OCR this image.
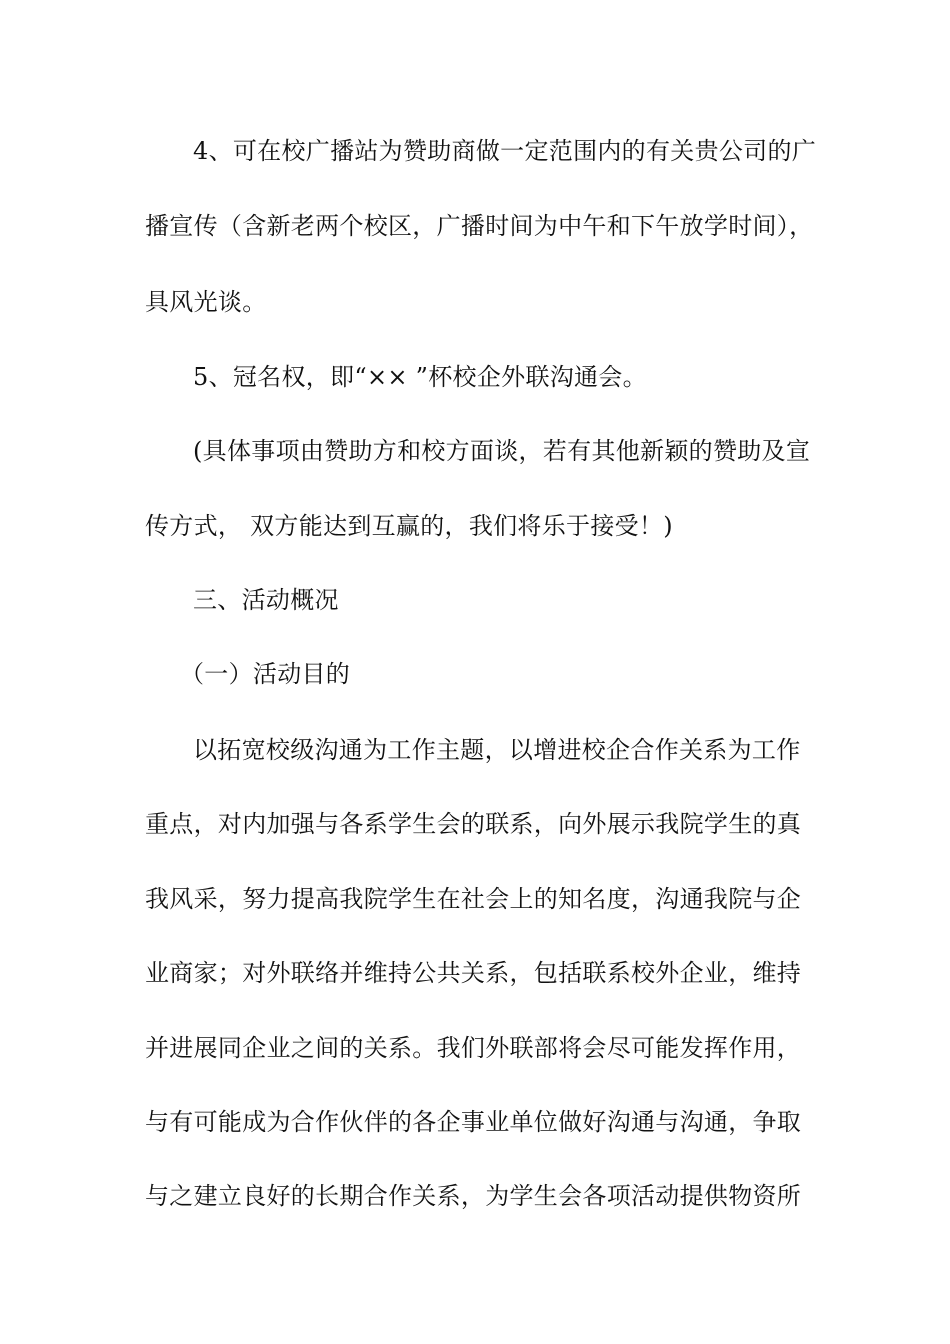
4、可在校广播站为赞助商做一定范围内的有关贵公司的广
播宣传（含新老两个校区，广播时间为中午和下午放学时间），
具风光谈。
5、冠名权，即“×× ”杯校企外联沟通会。
(具体事项由赞助方和校方面谈，若有其他新颖的赞助及宣
传方式， 双方能达到互赢的，我们将乐于接受！)
三、活动概况
（一）活动目的
以拓宽校级沟通为工作主题，以增进校企合作关系为工作
重点，对内加强与各系学生会的联系，向外展示我院学生的真
我风采，努力提高我院学生在社会上的知名度，沟通我院与企
业商家；对外联络并维持公共关系，包括联系校外企业，维持
并进展同企业之间的关系。我们外联部将会尽可能发挥作用，
与有可能成为合作伙伴的各企事业单位做好沟通与沟通，争取
与之建立良好的长期合作关系，为学生会各项活动提供物资所
